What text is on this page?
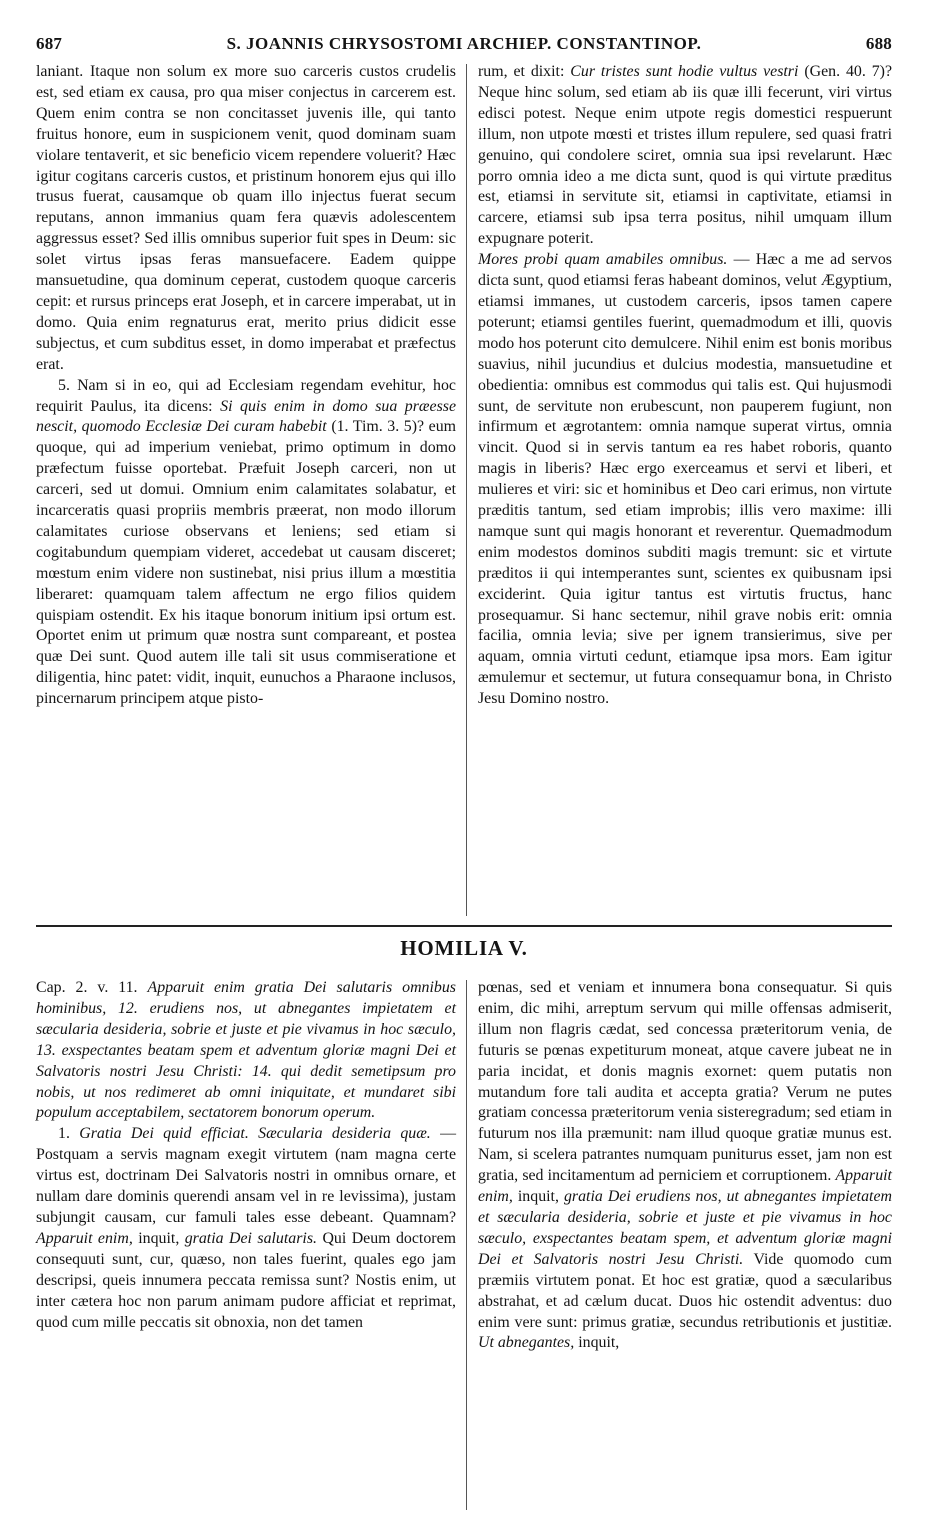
687	S. JOANNIS CHRYSOSTOMI ARCHIEP. CONSTANTINOP.	688

laniant. Itaque non solum ex more suo carceris custos crudelis est, sed etiam ex causa, pro qua miser conjectus in carcerem est. Quem enim contra se non concitasset juvenis ille, qui tanto fruitus honore, eum in suspicionem venit, quod dominam suam violare tentaverit, et sic beneficio vicem rependere voluerit? Hæc igitur cogitans carceris custos, et pristinum honorem ejus qui illo trusus fuerat, causamque ob quam illo injectus fuerat secum reputans, annon immanius quam fera quævis adolescentem aggressus esset? Sed illis omnibus superior fuit spes in Deum: sic solet virtus ipsas feras mansuefacere. Eadem quippe mansuetudine, qua dominum ceperat, custodem quoque carceris cepit: et rursus princeps erat Joseph, et in carcere imperabat, ut in domo. Quia enim regnaturus erat, merito prius didicit esse subjectus, et cum subditus esset, in domo imperabat et præfectus erat.

5. Nam si in eo, qui ad Ecclesiam regendam evehitur, hoc requirit Paulus, ita dicens: Si quis enim in domo sua præesse nescit, quomodo Ecclesiæ Dei curam habebit (1. Tim. 3. 5)? eum quoque, qui ad imperium veniebat, primo optimum in domo præfectum fuisse oportebat. Præfuit Joseph carceri, non ut carceri, sed ut domui. Omnium enim calamitates solabatur, et incarceratis quasi propriis membris præerat, non modo illorum calamitates curiose observans et leniens; sed etiam si cogitabundum quempiam videret, accedebat ut causam disceret; mœstum enim videre non sustinebat, nisi prius illum a mœstitia liberaret: quamquam talem affectum ne ergo filios quidem quispiam ostendit. Ex his itaque bonorum initium ipsi ortum est. Oportet enim ut primum quæ nostra sunt compareant, et postea quæ Dei sunt. Quod autem ille tali sit usus commiseratione et diligentia, hinc patet: vidit, inquit, eunuchos a Pharaone inclusos, pincernarum principem atque pisto-

rum, et dixit: Cur tristes sunt hodie vultus vestri (Gen. 40. 7)? Neque hinc solum, sed etiam ab iis quæ illi fecerunt, viri virtus edisci potest. Neque enim utpote regis domestici respuerunt illum, non utpote mœsti et tristes illum repulere, sed quasi fratri genuino, qui condolere sciret, omnia sua ipsi revelarunt. Hæc porro omnia ideo a me dicta sunt, quod is qui virtute præditus est, etiamsi in servitute sit, etiamsi in captivitate, etiamsi in carcere, etiamsi sub ipsa terra positus, nihil umquam illum expugnare poterit.

Mores probi quam amabiles omnibus. — Hæc a me ad servos dicta sunt, quod etiamsi feras habeant dominos, velut Ægyptium, etiamsi immanes, ut custodem carceris, ipsos tamen capere poterunt; etiamsi gentiles fuerint, quemadmodum et illi, quovis modo hos poterunt cito demulcere. Nihil enim est bonis moribus suavius, nihil jucundius et dulcius modestia, mansuetudine et obedientia: omnibus est commodus qui talis est. Qui hujusmodi sunt, de servitute non erubescunt, non pauperem fugiunt, non infirmum et ægrotantem: omnia namque superat virtus, omnia vincit. Quod si in servis tantum ea res habet roboris, quanto magis in liberis? Hæc ergo exerceamus et servi et liberi, et mulieres et viri: sic et hominibus et Deo cari erimus, non virtute præditis tantum, sed etiam improbis; illis vero maxime: illi namque sunt qui magis honorant et reverentur. Quemadmodum enim modestos dominos subditi magis tremunt: sic et virtute præditos ii qui intemperantes sunt, scientes ex quibusnam ipsi exciderint. Quia igitur tantus est virtutis fructus, hanc prosequamur. Si hanc sectemur, nihil grave nobis erit: omnia facilia, omnia levia; sive per ignem transierimus, sive per aquam, omnia virtuti cedunt, etiamque ipsa mors. Eam igitur æmulemur et sectemur, ut futura consequamur bona, in Christo Jesu Domino nostro.

HOMILIA V.

Cap. 2. v. 11. Apparuit enim gratia Dei salutaris omnibus hominibus, 12. erudiens nos, ut abnegantes impietatem et sæcularia desideria, sobrie et juste et pie vivamus in hoc sæculo, 13. exspectantes beatam spem et adventum gloriæ magni Dei et Salvatoris nostri Jesu Christi: 14. qui dedit semetipsum pro nobis, ut nos redimeret ab omni iniquitate, et mundaret sibi populum acceptabilem, sectatorem bonorum operum.

1. Gratia Dei quid efficiat. Sæcularia desideria quæ. — Postquam a servis magnam exegit virtutem (nam magna certe virtus est, doctrinam Dei Salvatoris nostri in omnibus ornare, et nullam dare dominis querendi ansam vel in re levissima), justam subjungit causam, cur famuli tales esse debeant. Quamnam? Apparuit enim, inquit, gratia Dei salutaris. Qui Deum doctorem consequuti sunt, cur, quæso, non tales fuerint, quales ego jam descripsi, queis innumera peccata remissa sunt? Nostis enim, ut inter cætera hoc non parum animam pudore afficiat et reprimat, quod cum mille peccatis sit obnoxia, non det tamen

pœnas, sed et veniam et innumera bona consequatur. Si quis enim, dic mihi, arreptum servum qui mille offensas admiserit, illum non flagris cædat, sed concessa præteritorum venia, de futuris se pœnas expetiturum moneat, atque cavere jubeat ne in paria incidat, et donis magnis exornet: quem putatis non mutandum fore tali audita et accepta gratia? Verum ne putes gratiam concessa præteritorum venia sisteregradum; sed etiam in futurum nos illa præmunit: nam illud quoque gratiæ munus est. Nam, si scelera patrantes numquam puniturus esset, jam non est gratia, sed incitamentum ad perniciem et corruptionem. Apparuit enim, inquit, gratia Dei erudiens nos, ut abnegantes impietatem et sæcularia desideria, sobrie et juste et pie vivamus in hoc sæculo, exspectantes beatam spem, et adventum gloriæ magni Dei et Salvatoris nostri Jesu Christi. Vide quomodo cum præmiis virtutem ponat. Et hoc est gratiæ, quod a sæcularibus abstrahat, et ad cælum ducat. Duos hic ostendit adventus: duo enim vere sunt: primus gratiæ, secundus retributionis et justitiæ. Ut abnegantes, inquit,
